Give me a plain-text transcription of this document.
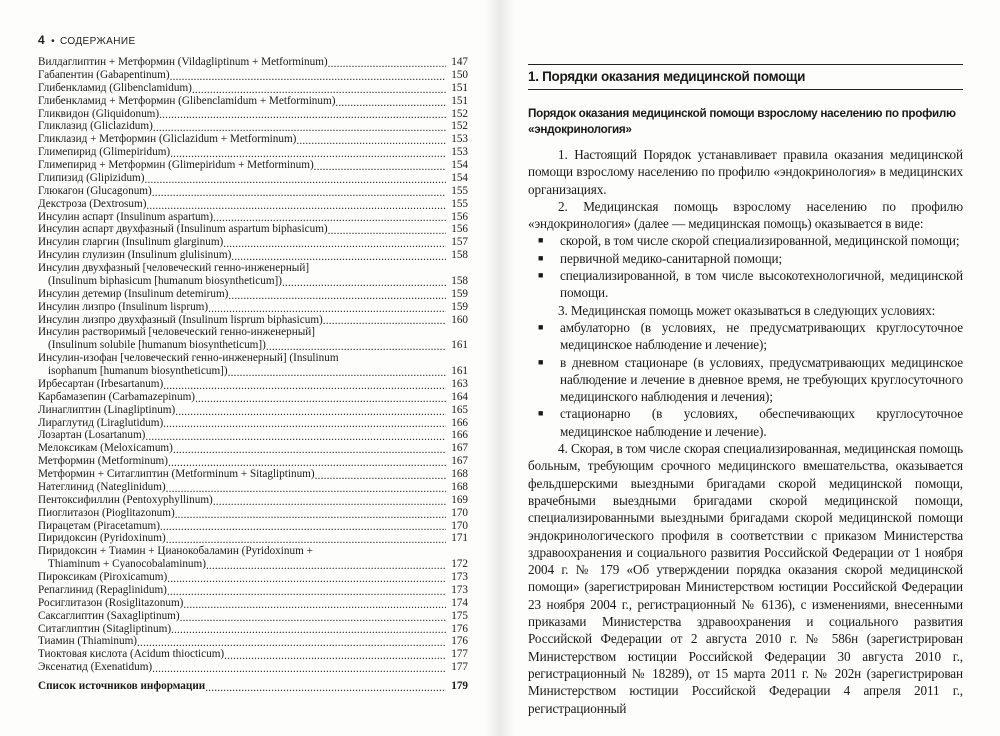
4 • СОДЕРЖАНИЕ
Вилдаглиптин + Метформин (Vildagliptinum + Metforminum) .....	147
Габапентин (Gabapentinum) .....	150
Глибенкламид (Glibenclamidum) .....	151
Глибенкламид + Метформин (Glibenclamidum + Metforminum) .....	151
Гликвидон (Gliquidonum) .....	152
Гликлазид (Gliclazidum) .....	152
Гликлазид + Метформин (Gliclazidum + Metforminum) .....	153
Глимепирид (Glimepiridum) .....	153
Глимепирид + Метформин (Glimepiridum + Metforminum) .....	154
Глипизид (Glipizidum) .....	154
Глюкагон (Glucagonum) .....	155
Декстроза (Dextrosum) .....	155
Инсулин аспарт (Insulinum aspartum) .....	156
Инсулин аспарт двухфазный (Insulinum aspartum biphasicum) .....	156
Инсулин гларгин (Insulinum glarginum) .....	157
Инсулин глулизин (Insulinum glulisinum) .....	158
Инсулин двухфазный [человеческий генно-инженерный]
(Insulinum biphasicum [humanum biosyntheticum]) .....	158
Инсулин детемир (Insulinum detemirum) .....	159
Инсулин лизпро (Insulinum lisprum) .....	159
Инсулин лизпро двухфазный (Insulinum lisprum biphasicum) .....	160
Инсулин растворимый [человеческий генно-инженерный]
(Insulinum solubile [humanum biosyntheticum]) .....	161
Инсулин-изофан [человеческий генно-инженерный] (Insulinum
isophanum [humanum biosyntheticum]) .....	161
Ирбесартан (Irbesartanum) .....	163
Карбамазепин (Carbamazepinum) .....	164
Линаглиптин (Linagliptinum) .....	165
Лираглутид (Liraglutidum) .....	166
Лозартан (Losartanum) .....	166
Мелоксикам (Meloxicamum) .....	167
Метформин (Metforminum) .....	167
Метформин + Ситаглиптин (Metforminum + Sitagliptinum) .....	168
Натеглинид (Nateglinidum) .....	168
Пентоксифиллин (Pentoxyphyllinum) .....	169
Пиоглитазон (Pioglitazonum) .....	170
Пирацетам (Piracetamum) .....	170
Пиридоксин (Pyridoxinum) .....	171
Пиридоксин + Тиамин + Цианокобаламин (Pyridoxinum +
Thiaminum + Cyanocobalaminum) .....	172
Пироксикам (Piroxicamum) .....	173
Репаглинид (Repaglinidum) .....	173
Росиглитазон (Rosiglitazonum) .....	174
Саксаглиптин (Saxagliptinum) .....	175
Ситаглиптин (Sitagliptinum) .....	176
Тиамин (Thiaminum) .....	176
Тиоктовая кислота (Acidum thiocticum) .....	177
Эксенатид (Exenatidum) .....	177
Список источников информации .....	179
1. Порядки оказания медицинской помощи
Порядок оказания медицинской помощи взрослому населению по профилю «эндокринология»

1. Настоящий Порядок устанавливает правила оказания медицинской помощи взрослому населению по профилю «эндокринология» в медицинских организациях.

2. Медицинская помощь взрослому населению по профилю «эндокринология» (далее — медицинская помощь) оказывается в виде:

■ скорой, в том числе скорой специализированной, медицинской помощи;
■ первичной медико-санитарной помощи;
■ специализированной, в том числе высокотехнологичной, медицинской помощи.

3. Медицинская помощь может оказываться в следующих условиях:

■ амбулаторно (в условиях, не предусматривающих круглосуточное медицинское наблюдение и лечение);
■ в дневном стационаре (в условиях, предусматривающих медицинское наблюдение и лечение в дневное время, не требующих круглосуточного медицинского наблюдения и лечения);
■ стационарно (в условиях, обеспечивающих круглосуточное медицинское наблюдение и лечение).

4. Скорая, в том числе скорая специализированная, медицинская помощь больным, требующим срочного медицинского вмешательства, оказывается фельдшерскими выездными бригадами скорой медицинской помощи, врачебными выездными бригадами скорой медицинской помощи, специализированными выездными бригадами скорой медицинской помощи эндокринологического профиля в соответствии с приказом Министерства здравоохранения и социального развития Российской Федерации от 1 ноября 2004 г. № 179 «Об утверждении порядка оказания скорой медицинской помощи» (зарегистрирован Министерством юстиции Российской Федерации 23 ноября 2004 г., регистрационный № 6136), с изменениями, внесенными приказами Министерства здравоохранения и социального развития Российской Федерации от 2 августа 2010 г. № 586н (зарегистрирован Министерством юстиции Российской Федерации 30 августа 2010 г., регистрационный № 18289), от 15 марта 2011 г. № 202н (зарегистрирован Министерством юстиции Российской Федерации 4 апреля 2011 г., регистрационный
